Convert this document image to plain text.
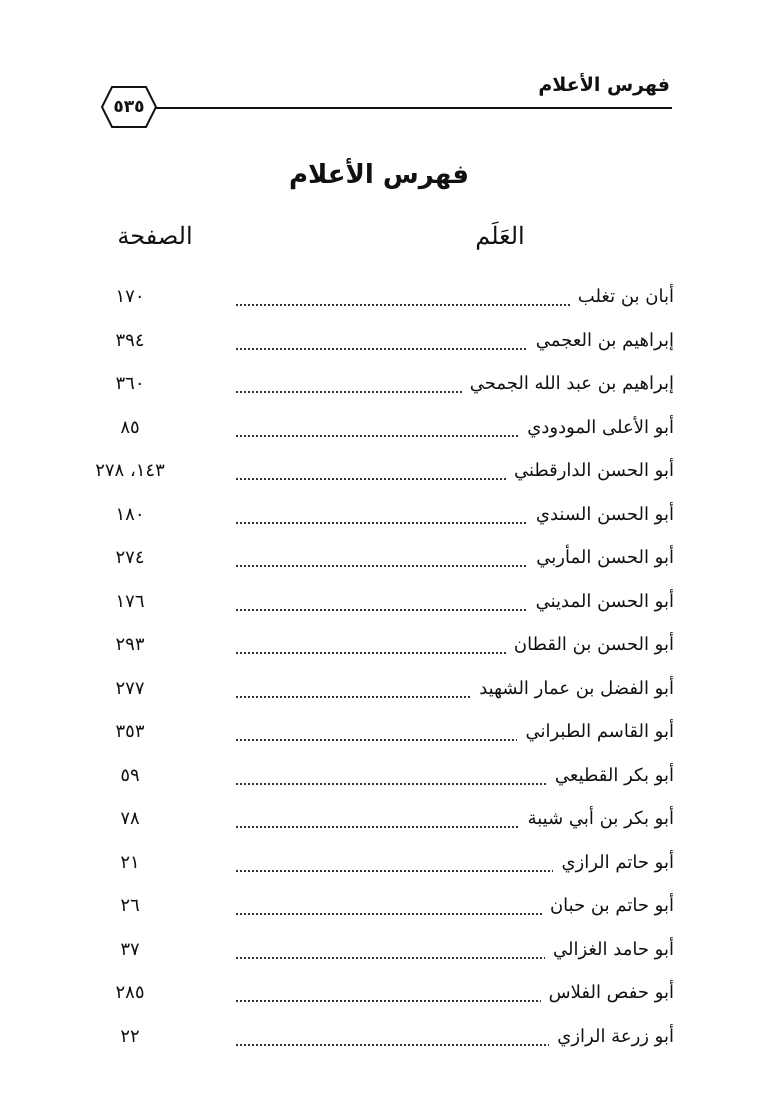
فهرس الأعلام
٥٣٥
فهرس الأعلام
العَلَم
الصفحة
أبان بن تغلب
١٧٠
إبراهيم بن العجمي
٣٩٤
إبراهيم بن عبد الله الجمحي
٣٦٠
أبو الأعلى المودودي
٨٥
أبو الحسن الدارقطني
١٤٣، ٢٧٨
أبو الحسن السندي
١٨٠
أبو الحسن المأربي
٢٧٤
أبو الحسن المديني
١٧٦
أبو الحسن بن القطان
٢٩٣
أبو الفضل بن عمار الشهيد
٢٧٧
أبو القاسم الطبراني
٣٥٣
أبو بكر القطيعي
٥٩
أبو بكر بن أبي شيبة
٧٨
أبو حاتم الرازي
٢١
أبو حاتم بن حبان
٢٦
أبو حامد الغزالي
٣٧
أبو حفص الفلاس
٢٨٥
أبو زرعة الرازي
٢٢
